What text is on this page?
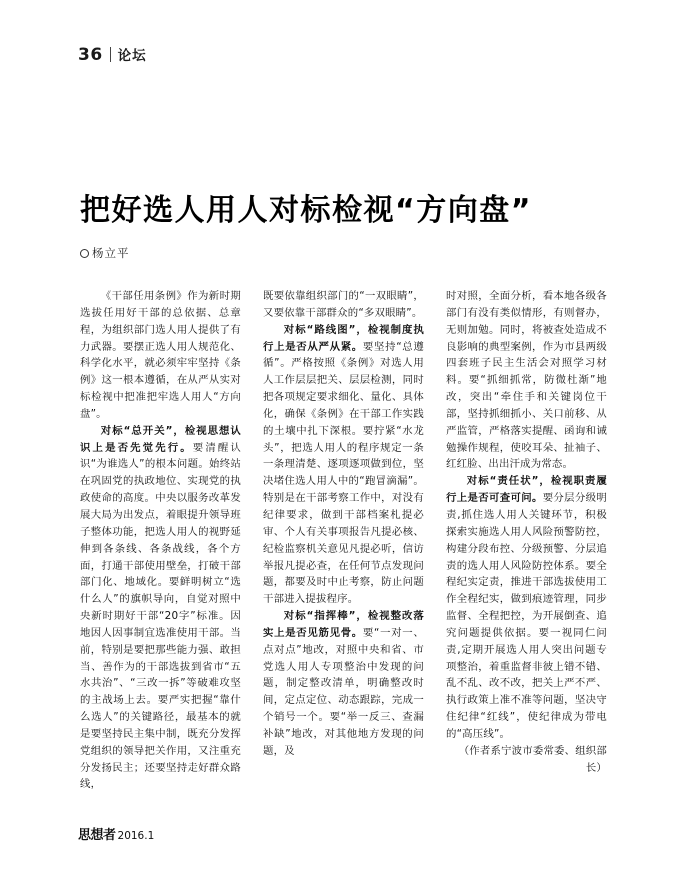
36 论坛
把好选人用人对标检视“方向盘”
杨立平

《干部任用条例》作为新时期选拔任用好干部的总依据、总章程，为组织部门选人用人提供了有力武器。要摆正选人用人规范化、科学化水平，就必须牢牢坚持《条例》这一根本遵循，在从严从实对标检视中把准把牢选人用人“方向盘”。

对标“总开关”，检视思想认识上是否先觉先行。要清醒认识“为谁选人”的根本问题。始终站在巩固党的执政地位、实现党的执政使命的高度。中央以服务改革发展大局为出发点，着眼提升领导班子整体功能，把选人用人的视野延伸到各条线、各条战线，各个方面，打通干部使用壁垒，打破干部部门化、地域化。要鲜明树立“选什么人”的旗帜导向，自觉对照中央新时期好干部“20字”标准。因地因人因事制宜选准使用干部。当前，特别是要把那些能力强、敢担当、善作为的干部选拔到省市“五水共治”、“三改一拆”等破难攻坚的主战场上去。要严实把握“靠什么选人”的关键路径，最基本的就是要坚持民主集中制，既充分发挥党组织的领导把关作用，又注重充分发扬民主；还要坚持走好群众路线，

既要依靠组织部门的“一双眼睛”，又要依靠干部群众的“多双眼睛”。

对标“路线图”，检视制度执行上是否从严从紧。要坚持“总遵循”。严格按照《条例》对选人用人工作层层把关、层层检测，同时把各项规定要求细化、量化、具体化，确保《条例》在干部工作实践的土壤中扎下深根。要拧紧“水龙头”，把选人用人的程序规定一条一条理清楚、逐项逐项做到位，坚决堵住选人用人中的“跑冒滴漏”。特别是在干部考察工作中，对没有纪律要求，做到干部档案札提必审、个人有关事项报告凡提必核、纪检监察机关意见凡提必听，信访举报凡提必查，在任何节点发现问题，都要及时中止考察，防止问题干部进入提拔程序。

对标“指挥棒”，检视整改落实上是否见筋见骨。要“一对一、点对点”地改，对照中央和省、市党选人用人专项整治中发现的问题，制定整改清单，明确整改时间，定点定位、动态跟踪，完成一个销号一个。要“举一反三、查漏补缺”地改，对其他地方发现的问题，及

时对照，全面分析，看本地各级各部门有没有类似情形，有则督办，无则加勉。同时，将被查处造成不良影响的典型案例，作为市县两级四套班子民主生活会对照学习材料。要“抓细抓常，防微杜渐”地改，突出“牵住手和关键岗位干部，坚持抓细抓小、关口前移、从严监管，严格落实提醒、函询和诫勉操作规程，使咬耳朵、扯袖子、红红脸、出出汗成为常态。

对标“责任状”，检视职责履行上是否可查可问。要分层分级明责,抓住选人用人关键环节，积极探索实施选人用人风险预警防控，构建分段布控、分级预警、分层追责的选人用人风险防控体系。要全程纪实定责，推进干部选拔使用工作全程纪实，做到痕迹管理，同步监督、全程把控，为开展倒查、追究问题提供依据。要一视同仁问责,定期开展选人用人突出问题专项整治，着重监督非彼上错不错、乱不乱、改不改，把关上严不严、执行政策上准不准等问题，坚决守住纪律“红线”，使纪律成为带电的“高压线”。

（作者系宁波市委常委、组织部长）

思想者 2016.1
